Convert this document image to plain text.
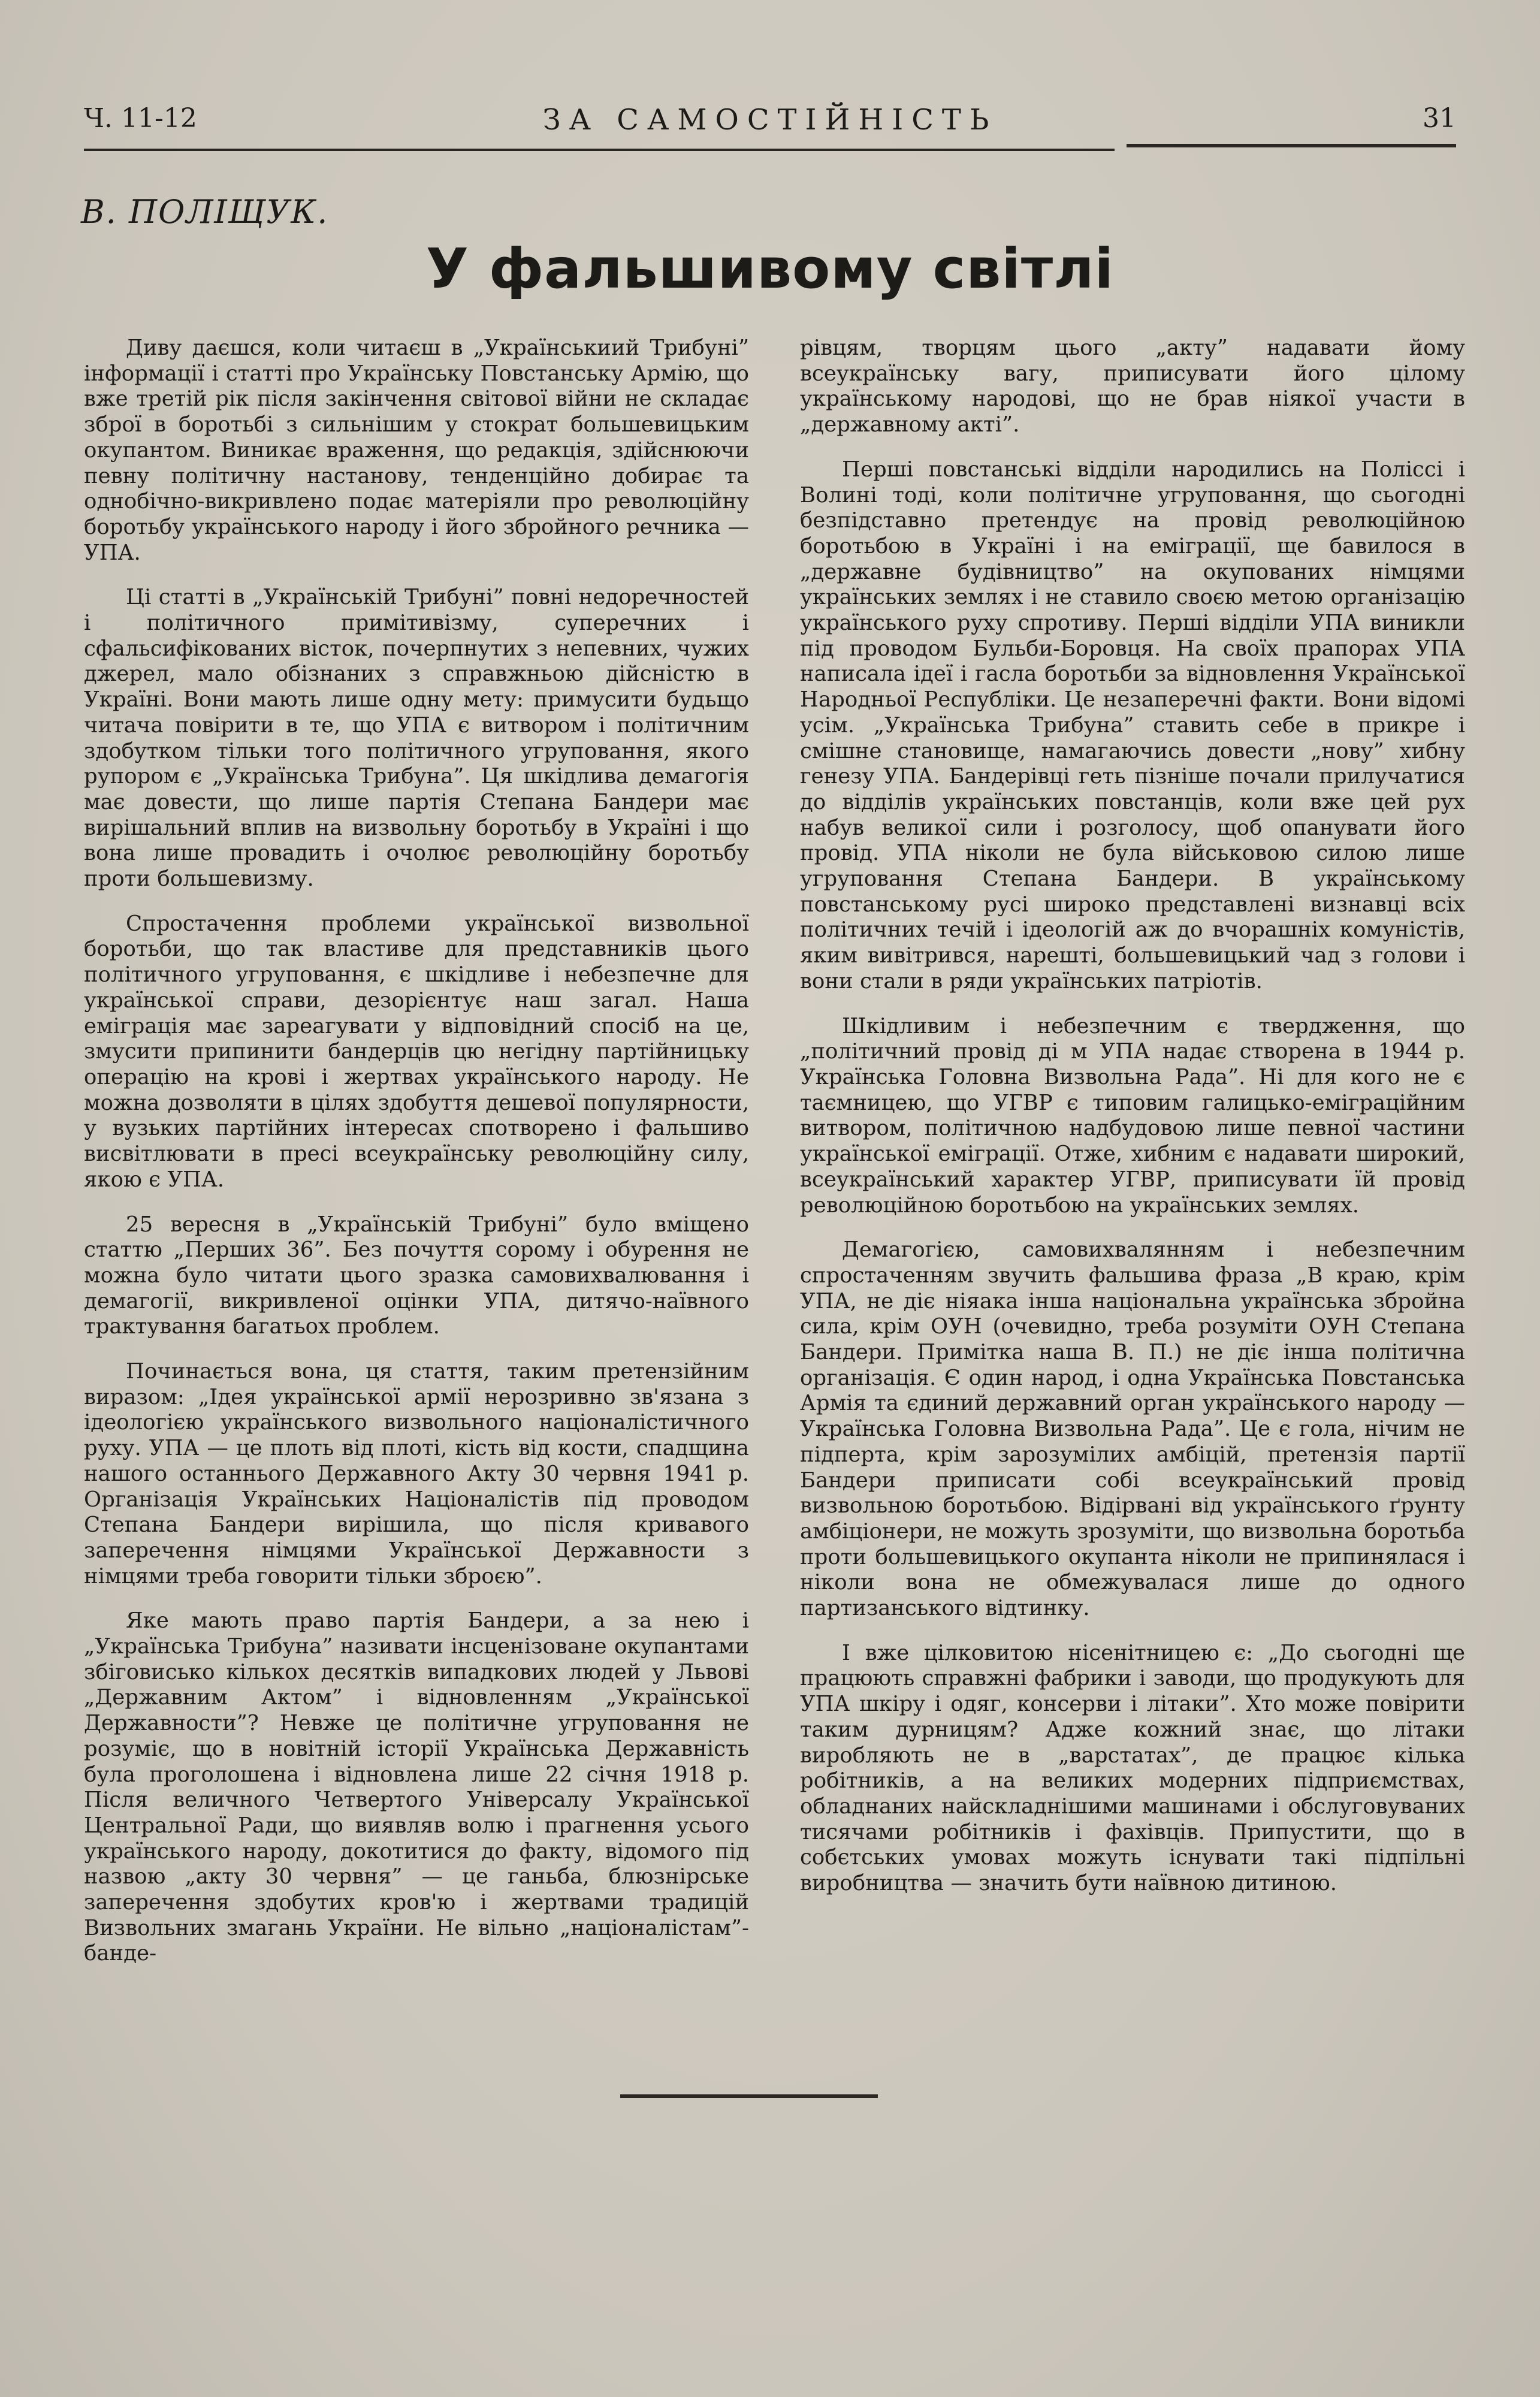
Ч. 11-12	ЗА САМОСТІЙНІСТЬ	31
В. ПОЛІЩУК.
У фальшивому світлі

Диву даєшся, коли читаєш в „Українськиий Трибуні” інформації і статті про Українську Повстанську Армію, що вже третій рік після закінчення світової війни не складає зброї в боротьбі з сильнішим у стократ большевицьким окупантом. Виникає враження, що редакція, здійснюючи певну політичну настанову, тенденційно добирає та однобічно-викривлено подає матеріяли про революційну боротьбу українського народу і його збройного речника — УПА.

Ці статті в „Українській Трибуні” повні недоречностей і політичного примітивізму, суперечних і сфальсифікованих вісток, почерпнутих з непевних, чужих джерел, мало обізнаних з справжньою дійсністю в Україні. Вони мають лише одну мету: примусити будьщо читача повірити в те, що УПА є витвором і політичним здобутком тільки того політичного угруповання, якого рупором є „Українська Трибуна”. Ця шкідлива демагогія має довести, що лише партія Степана Бандери має вирішальний вплив на визвольну боротьбу в Україні і що вона лише провадить і очолює революційну боротьбу проти большевизму.

Спростачення проблеми української визвольної боротьби, що так властиве для представників цього політичного угруповання, є шкідливе і небезпечне для української справи, дезорієнтує наш загал. Наша еміграція має зареагувати у відповідний спосіб на це, змусити припинити бандерців цю негідну партійницьку операцію на крові і жертвах українського народу. Не можна дозволяти в цілях здобуття дешевої популярности, у вузьких партійних інтересах спотворено і фальшиво висвітлювати в пресі всеукраїнську революційну силу, якою є УПА.

25 вересня в „Українській Трибуні” було вміщено статтю „Перших 36”. Без почуття сорому і обурення не можна було читати цього зразка самовихвалювання і демагогії, викривленої оцінки УПА, дитячо-наївного трактування багатьох проблем.

Починається вона, ця стаття, таким претензійним виразом: „Ідея української армії нерозривно зв'язана з ідеологією українського визвольного націоналістичного руху. УПА — це плоть від плоті, кість від кости, спадщина нашого останнього Державного Акту 30 червня 1941 р. Організація Українських Націоналістів під проводом Степана Бандери вирішила, що після кривавого заперечення німцями Української Державности з німцями треба говорити тільки зброєю”.

Яке мають право партія Бандери, а за нею і „Українська Трибуна” називати інсценізоване окупантами збіговисько кількох десятків випадкових людей у Львові „Державним Актом” і відновленням „Української Державности”? Невже це політичне угруповання не розуміє, що в новітній історії Українська Державність була проголошена і відновлена лише 22 січня 1918 р. Після величного Четвертого Універсалу Української Центральної Ради, що виявляв волю і прагнення усього українського народу, докотитися до факту, відомого під назвою „акту 30 червня” — це ганьба, блюзнірське заперечення здобутих кров'ю і жертвами традицій Визвольних змагань України. Не вільно „націоналістам”-банде-

рівцям, творцям цього „акту” надавати йому всеукраїнську вагу, приписувати його цілому українському народові, що не брав ніякої участи в „державному акті”.

Перші повстанські відділи народились на Поліссі і Волині тоді, коли політичне угруповання, що сьогодні безпідставно претендує на провід революційною боротьбою в Україні і на еміграції, ще бавилося в „державне будівництво” на окупованих німцями українських землях і не ставило своєю метою організацію українського руху спротиву. Перші відділи УПА виникли під проводом Бульби-Боровця. На своїх прапорах УПА написала ідеї і гасла боротьби за відновлення Української Народньої Республіки. Це незаперечні факти. Вони відомі усім. „Українська Трибуна” ставить себе в прикре і смішне становище, намагаючись довести „нову” хибну генезу УПА. Бандерівці геть пізніше почали прилучатися до відділів українських повстанців, коли вже цей рух набув великої сили і розголосу, щоб опанувати його провід. УПА ніколи не була військовою силою лише угруповання Степана Бандери. В українському повстанському русі широко представлені визнавці всіх політичних течій і ідеологій аж до вчорашніх комуністів, яким вивітрився, нарешті, большевицький чад з голови і вони стали в ряди українських патріотів.

Шкідливим і небезпечним є твердження, що „політичний провід ді м УПА надає створена в 1944 р. Українська Головна Визвольна Рада”. Ні для кого не є таємницею, що УГВР є типовим галицько-еміграційним витвором, політичною надбудовою лише певної частини української еміграції. Отже, хибним є надавати широкий, всеукраїнський характер УГВР, приписувати їй провід революційною боротьбою на українських землях.

Демагогією, самовихвалянням і небезпечним спростаченням звучить фальшива фраза „В краю, крім УПА, не діє ніяака інша національна українська збройна сила, крім ОУН (очевидно, треба розуміти ОУН Степана Бандери. Примітка наша В. П.) не діє інша політична організація. Є один народ, і одна Українська Повстанська Армія та єдиний державний орган українського народу — Українська Головна Визвольна Рада”. Це є гола, нічим не підперта, крім зарозумілих амбіцій, претензія партії Бандери приписати собі всеукраїнський провід визвольною боротьбою. Відірвані від українського ґрунту амбіціонери, не можуть зрозуміти, що визвольна боротьба проти большевицького окупанта ніколи не припинялася і ніколи вона не обмежувалася лише до одного партизанського відтинку.

І вже цілковитою нісенітницею є: „До сьогодні ще працюють справжні фабрики і заводи, що продукують для УПА шкіру і одяг, консерви і літаки”. Хто може повірити таким дурницям? Адже кожний знає, що літаки виробляють не в „варстатах”, де працює кілька робітників, а на великих модерних підприємствах, обладнаних найскладнішими машинами і обслуговуваних тисячами робітників і фахівців. Припустити, що в собєтських умовах можуть існувати такі підпільні виробництва — значить бути наївною дитиною.
